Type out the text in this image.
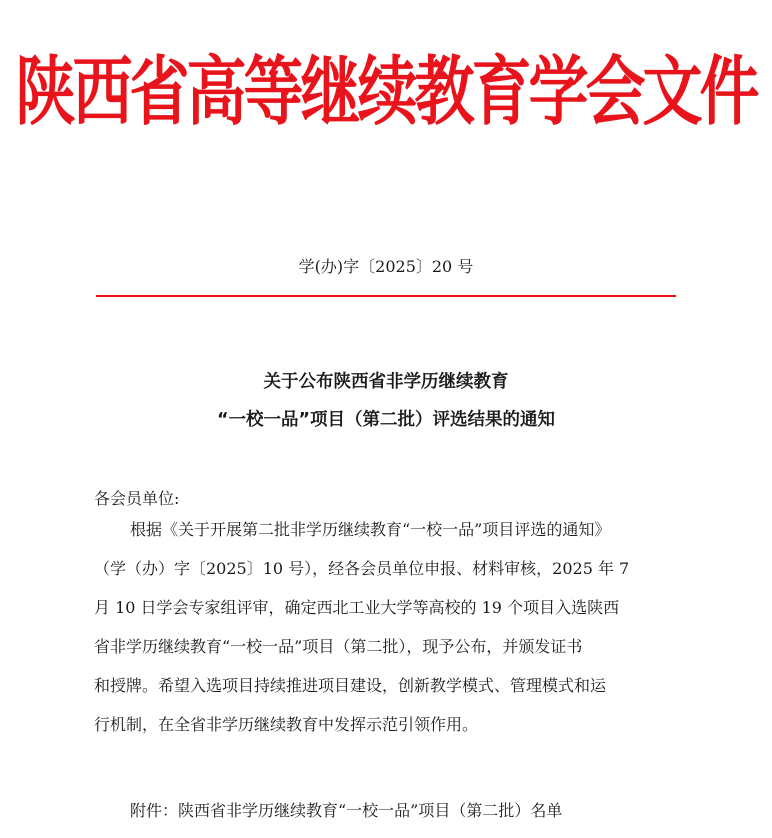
陕西省高等继续教育学会文件
学(办)字〔2025〕20 号
关于公布陕西省非学历继续教育
“一校一品”项目（第二批）评选结果的通知
各会员单位:
根据《关于开展第二批非学历继续教育“一校一品”项目评选的通知》
（学（办）字〔2025〕10 号），经各会员单位申报、材料审核，2025 年 7
月 10 日学会专家组评审，确定西北工业大学等高校的 19 个项目入选陕西
省非学历继续教育“一校一品”项目（第二批），现予公布，并颁发证书
和授牌。希望入选项目持续推进项目建设，创新教学模式、管理模式和运
行机制，在全省非学历继续教育中发挥示范引领作用。
附件：陕西省非学历继续教育“一校一品”项目（第二批）名单
